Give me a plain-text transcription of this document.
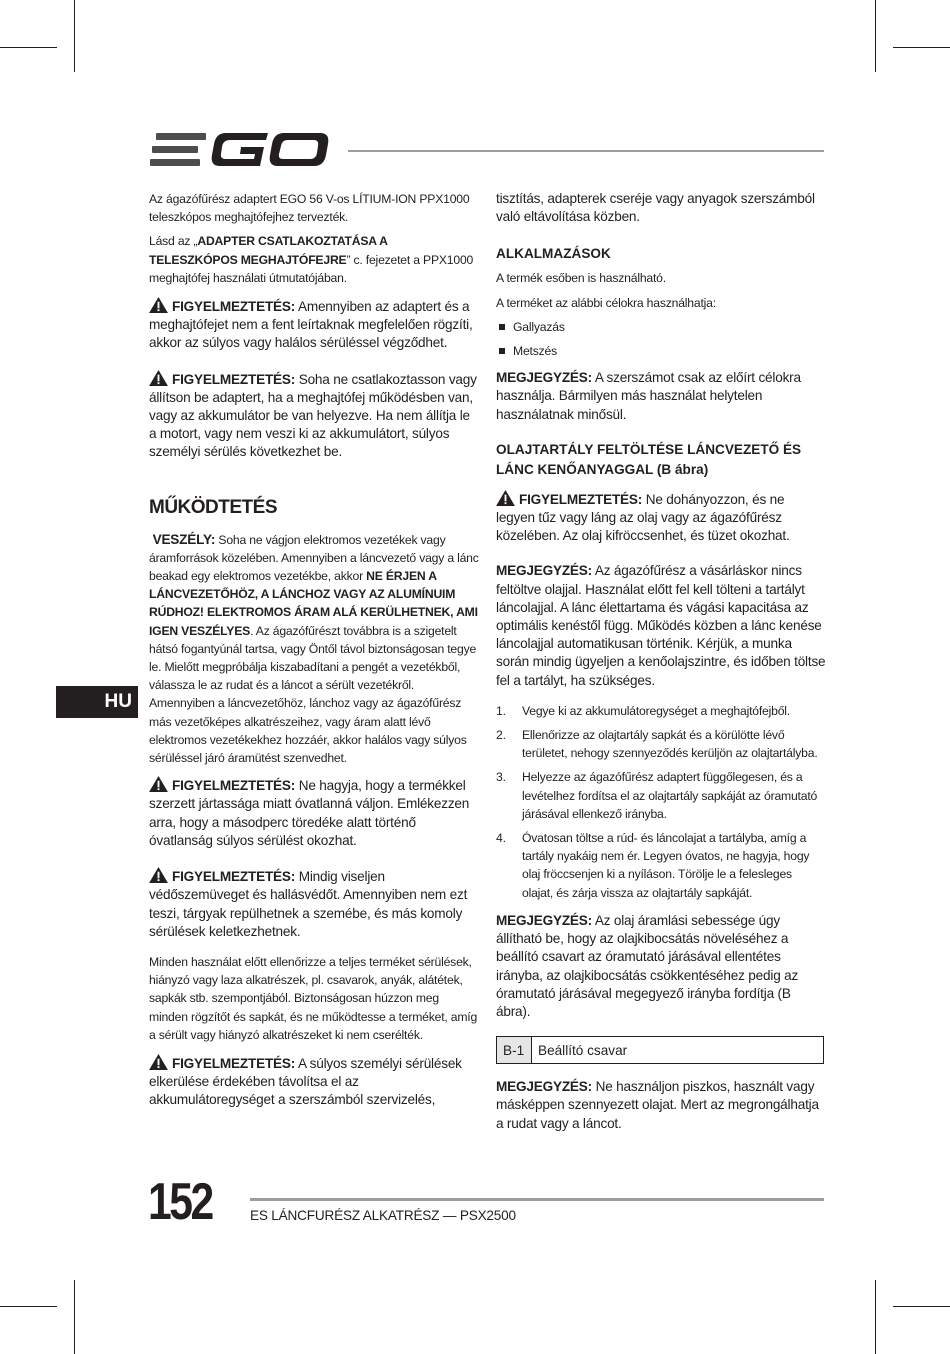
Az ágazófűrész adaptert EGO 56 V-os LÍTIUM-ION PPX1000 teleszkópos meghajtófejhez tervezték.

Lásd az „ADAPTER CSATLAKOZTATÁSA A TELESZKÓPOS MEGHAJTÓFEJRE” c. fejezetet a PPX1000 meghajtófej használati útmutatójában.

FIGYELMEZTETÉS: Amennyiben az adaptert és a meghajtófejet nem a fent leírtaknak megfelelően rögzíti, akkor az súlyos vagy halálos sérüléssel végződhet.

FIGYELMEZTETÉS: Soha ne csatlakoztasson vagy állítson be adaptert, ha a meghajtófej működésben van, vagy az akkumulátor be van helyezve. Ha nem állítja le a motort, vagy nem veszi ki az akkumulátort, súlyos személyi sérülés következhet be.

MŰKÖDTETÉS

VESZÉLY: Soha ne vágjon elektromos vezetékek vagy áramforrások közelében. Amennyiben a láncvezető vagy a lánc beakad egy elektromos vezetékbe, akkor NE ÉRJEN A LÁNCVEZETŐHÖZ, A LÁNCHOZ VAGY AZ ALUMÍNUIM RÚDHOZ! ELEKTROMOS ÁRAM ALÁ KERÜLHETNEK, AMI IGEN VESZÉLYES. Az ágazófűrészt továbbra is a szigetelt hátsó fogantyúnál tartsa, vagy Öntől távol biztonságosan tegye le. Mielőtt megpróbálja kiszabadítani a pengét a vezetékből, válassza le az rudat és a láncot a sérült vezetékről. Amennyiben a láncvezetőhöz, lánchoz vagy az ágazófűrész más vezetőképes alkatrészeihez, vagy áram alatt lévő elektromos vezetékekhez hozzáér, akkor halálos vagy súlyos sérüléssel járó áramütést szenvedhet.

FIGYELMEZTETÉS: Ne hagyja, hogy a termékkel szerzett jártassága miatt óvatlanná váljon. Emlékezzen arra, hogy a másodperc töredéke alatt történő óvatlanság súlyos sérülést okozhat.

FIGYELMEZTETÉS: Mindig viseljen védőszemüveget és hallásvédőt. Amennyiben nem ezt teszi, tárgyak repülhetnek a szemébe, és más komoly sérülések keletkezhetnek.

Minden használat előtt ellenőrizze a teljes terméket sérülések, hiányzó vagy laza alkatrészek, pl. csavarok, anyák, alátétek, sapkák stb. szempontjából. Biztonságosan húzzon meg minden rögzítőt és sapkát, és ne működtesse a terméket, amíg a sérült vagy hiányzó alkatrészeket ki nem cserélték.

FIGYELMEZTETÉS: A súlyos személyi sérülések elkerülése érdekében távolítsa el az akkumulátoregységet a szerszámból szervizelés,

tisztítás, adapterek cseréje vagy anyagok szerszámból való eltávolítása közben.

ALKALMAZÁSOK

A termék esőben is használható.

A terméket az alábbi célokra használhatja:

Gallyazás
Metszés

MEGJEGYZÉS: A szerszámot csak az előírt célokra használja. Bármilyen más használat helytelen használatnak minősül.

OLAJTARTÁLY FELTÖLTÉSE LÁNCVEZETŐ ÉS LÁNC KENŐANYAGGAL (B ábra)

FIGYELMEZTETÉS: Ne dohányozzon, és ne legyen tűz vagy láng az olaj vagy az ágazófűrész közelében. Az olaj kifröccsenhet, és tüzet okozhat.

MEGJEGYZÉS: Az ágazófűrész a vásárláskor nincs feltöltve olajjal. Használat előtt fel kell tölteni a tartályt láncolajjal. A lánc élettartama és vágási kapacitása az optimális kenéstől függ. Működés közben a lánc kenése láncolajjal automatikusan történik. Kérjük, a munka során mindig ügyeljen a kenőolajszintre, és időben töltse fel a tartályt, ha szükséges.

1. Vegye ki az akkumulátoregységet a meghajtófejből.
2. Ellenőrizze az olajtartály sapkát és a körülötte lévő területet, nehogy szennyeződés kerüljön az olajtartályba.
3. Helyezze az ágazófűrész adaptert függőlegesen, és a levételhez fordítsa el az olajtartály sapkáját az óramutató járásával ellenkező irányba.
4. Óvatosan töltse a rúd- és láncolajat a tartályba, amíg a tartály nyakáig nem ér. Legyen óvatos, ne hagyja, hogy olaj fröccsenjen ki a nyíláson. Törölje le a felesleges olajat, és zárja vissza az olajtartály sapkáját.

MEGJEGYZÉS: Az olaj áramlási sebessége úgy állítható be, hogy az olajkibocsátás növeléséhez a beállító csavart az óramutató járásával ellentétes irányba, az olajkibocsátás csökkentéséhez pedig az óramutató járásával megegyező irányba fordítja (B ábra).

B-1	Beállító csavar

MEGJEGYZÉS: Ne használjon piszkos, használt vagy másképpen szennyezett olajat. Mert az megrongálhatja a rudat vagy a láncot.

HU
152	ES LÁNCFURÉSZ ALKATRÉSZ — PSX2500
